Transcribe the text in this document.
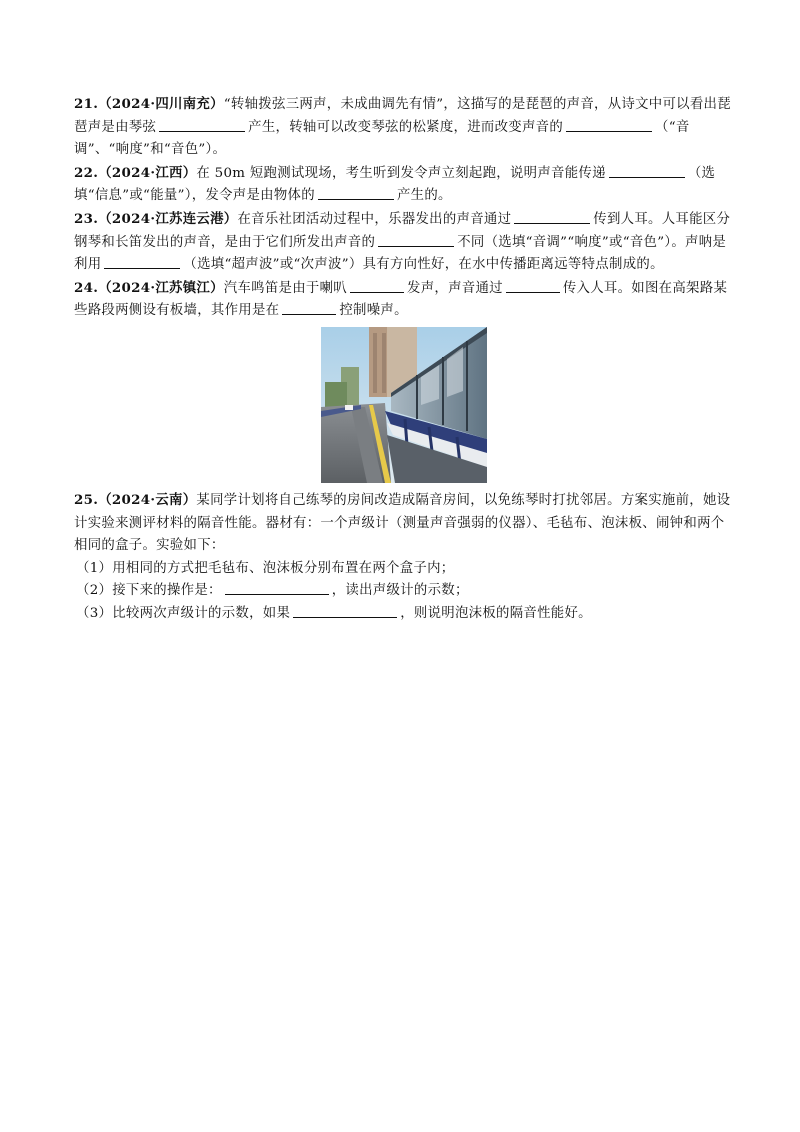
21.（2024·四川南充）“转轴拨弦三两声，未成曲调先有情”，这描写的是琵琶的声音，从诗文中可以看出琵琶声是由琴弦	产生，转轴可以改变琴弦的松紧度，进而改变声音的	（“音调”、“响度”和“音色”）。

22.（2024·江西）在 50m 短跑测试现场，考生听到发令声立刻起跑，说明声音能传递	（选填“信息”或“能量”），发令声是由物体的	产生的。

23.（2024·江苏连云港）在音乐社团活动过程中，乐器发出的声音通过	传到人耳。人耳能区分钢琴和长笛发出的声音，是由于它们所发出声音的	不同（选填“音调”“响度”或“音色”）。声呐是利用	（选填“超声波”或“次声波”）具有方向性好，在水中传播距离远等特点制成的。

24.（2024·江苏镇江）汽车鸣笛是由于喇叭	发声，声音通过	传入人耳。如图在高架路某些路段两侧设有板墙，其作用是在	控制噪声。

25.（2024·云南）某同学计划将自己练琴的房间改造成隔音房间，以免练琴时打扰邻居。方案实施前，她设计实验来测评材料的隔音性能。器材有：一个声级计（测量声音强弱的仪器）、毛毡布、泡沫板、闹钟和两个相同的盒子。实验如下：

（1）用相同的方式把毛毡布、泡沫板分别布置在两个盒子内；

（2）接下来的操作是：	，读出声级计的示数；

（3）比较两次声级计的示数，如果	，则说明泡沫板的隔音性能好。
